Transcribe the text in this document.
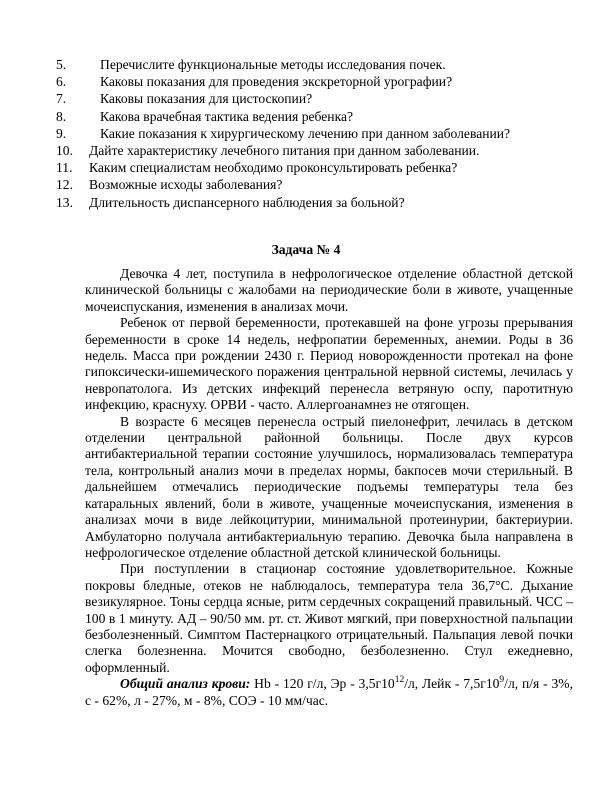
5. Перечислите функциональные методы исследования почек.
6. Каковы показания для проведения экскреторной урографии?
7. Каковы показания для цистоскопии?
8. Какова врачебная тактика ведения ребенка?
9. Какие показания к хирургическому лечению при данном заболевании?
10. Дайте характеристику лечебного питания при данном заболевании.
11. Каким специалистам необходимо проконсультировать ребенка?
12. Возможные исходы заболевания?
13. Длительность диспансерного наблюдения за больной?
Задача № 4

Девочка 4 лет, поступила в нефрологическое отделение областной детской клинической больницы с жалобами на периодические боли в животе, учащенные мочеиспускания, изменения в анализах мочи.

Ребенок от первой беременности, протекавшей на фоне угрозы прерывания беременности в сроке 14 недель, нефропатии беременных, анемии. Роды в 36 недель. Масса при рождении 2430 г. Период новорожденности протекал на фоне гипоксически-ишемического поражения центральной нервной системы, лечилась у невропатолога. Из детских инфекций перенесла ветряную оспу, паротитную инфекцию, краснуху. ОРВИ - часто. Аллергоанамнез не отягощен.

В возрасте 6 месяцев перенесла острый пиелонефрит, лечилась в детском отделении центральной районной больницы. После двух курсов антибактериальной терапии состояние улучшилось, нормализовалась температура тела, контрольный анализ мочи в пределах нормы, бакпосев мочи стерильный. В дальнейшем отмечались периодические подъемы температуры тела без катаральных явлений, боли в животе, учащенные мочеиспускания, изменения в анализах мочи в виде лейкоцитурии, минимальной протеинурии, бактериурии. Амбулаторно получала антибактериальную терапию. Девочка была направлена в нефрологическое отделение областной детской клинической больницы.

При поступлении в стационар состояние удовлетворительное. Кожные покровы бледные, отеков не наблюдалось, температура тела 36,7°С. Дыхание везикулярное. Тоны сердца ясные, ритм сердечных сокращений правильный. ЧСС – 100 в 1 минуту. АД – 90/50 мм. рт. ст. Живот мягкий, при поверхностной пальпации безболезненный. Симптом Пастернацкого отрицательный. Пальпация левой почки слегка болезненна. Мочится свободно, безболезненно. Стул ежедневно, оформленный.

Общий анализ крови: Нb - 120 г/л, Эр - $3,5г10^{12}/л$, Лейк - $7,5г10^9/л$, п/я - 3%, с - 62%, л - 27%, м - 8%, СОЭ - 10 мм/час.
